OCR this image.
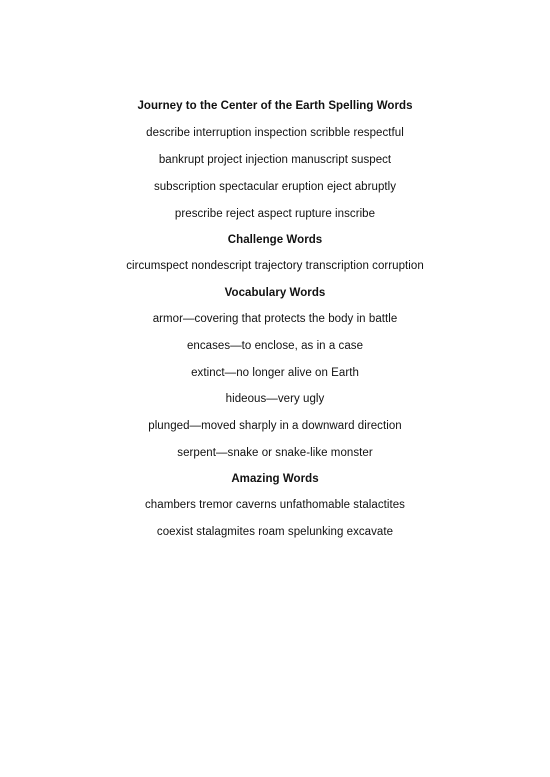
Journey to the Center of the Earth Spelling Words
describe interruption inspection scribble respectful
bankrupt project injection manuscript suspect
subscription spectacular eruption eject abruptly
prescribe reject aspect rupture inscribe
Challenge Words
circumspect nondescript trajectory transcription corruption
Vocabulary Words
armor—covering that protects the body in battle
encases—to enclose, as in a case
extinct—no longer alive on Earth
hideous—very ugly
plunged—moved sharply in a downward direction
serpent—snake or snake-like monster
Amazing Words
chambers tremor caverns unfathomable stalactites
coexist stalagmites roam spelunking excavate
